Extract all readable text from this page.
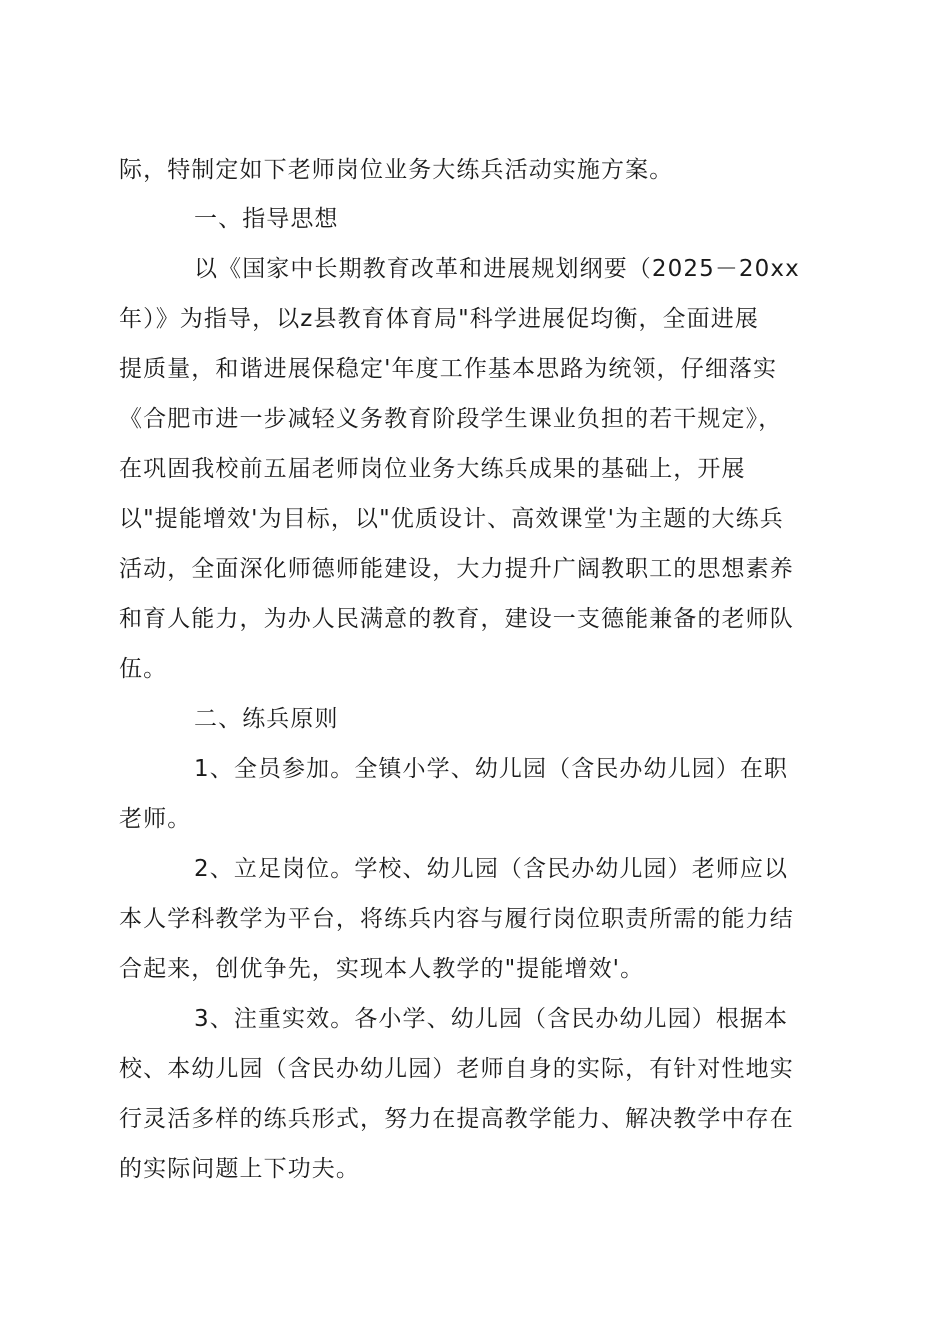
际，特制定如下老师岗位业务大练兵活动实施方案。
一、指导思想
以《国家中长期教育改革和进展规划纲要（2025－20xx
年）》为指导，以z县教育体育局"科学进展促均衡，全面进展
提质量，和谐进展保稳定'年度工作基本思路为统领，仔细落实
《合肥市进一步减轻义务教育阶段学生课业负担的若干规定》，
在巩固我校前五届老师岗位业务大练兵成果的基础上，开展
以"提能增效'为目标，以"优质设计、高效课堂'为主题的大练兵
活动，全面深化师德师能建设，大力提升广阔教职工的思想素养
和育人能力，为办人民满意的教育，建设一支德能兼备的老师队
伍。
二、练兵原则
1、全员参加。全镇小学、幼儿园（含民办幼儿园）在职
老师。
2、立足岗位。学校、幼儿园（含民办幼儿园）老师应以
本人学科教学为平台，将练兵内容与履行岗位职责所需的能力结
合起来，创优争先，实现本人教学的"提能增效'。
3、注重实效。各小学、幼儿园（含民办幼儿园）根据本
校、本幼儿园（含民办幼儿园）老师自身的实际，有针对性地实
行灵活多样的练兵形式，努力在提高教学能力、解决教学中存在
的实际问题上下功夫。
